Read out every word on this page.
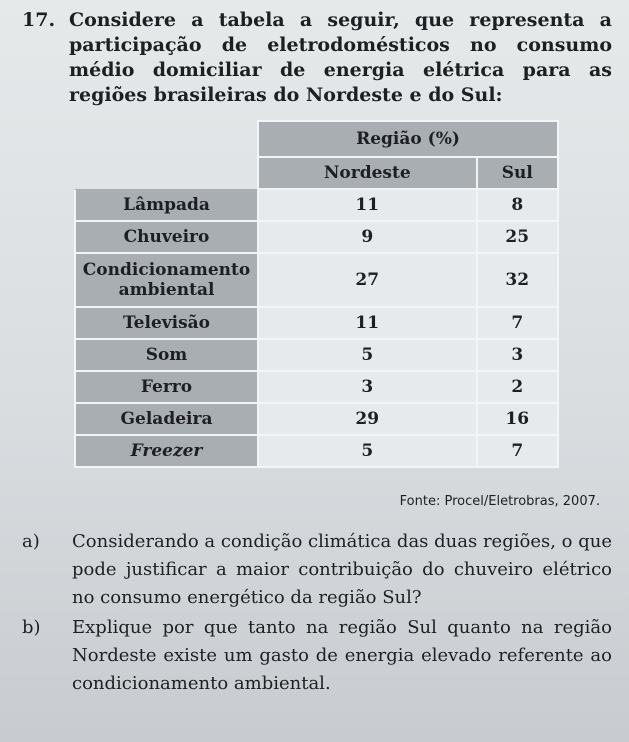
17. Considere a tabela a seguir, que representa a participação de eletrodomésticos no consumo médio domiciliar de energia elétrica para as regiões brasileiras do Nordeste e do Sul:
	Região (%)	
	Nordeste	Sul
Lâmpada	11	8
Chuveiro	9	25
Condicionamento ambiental	27	32
Televisão	11	7
Som	5	3
Ferro	3	2
Geladeira	29	16
Freezer	5	7
Fonte: Procel/Eletrobras, 2007.
a) Considerando a condição climática das duas regiões, o que pode justificar a maior contribuição do chuveiro elétrico no consumo energético da região Sul?
b) Explique por que tanto na região Sul quanto na região Nordeste existe um gasto de energia elevado referente ao condicionamento ambiental.
